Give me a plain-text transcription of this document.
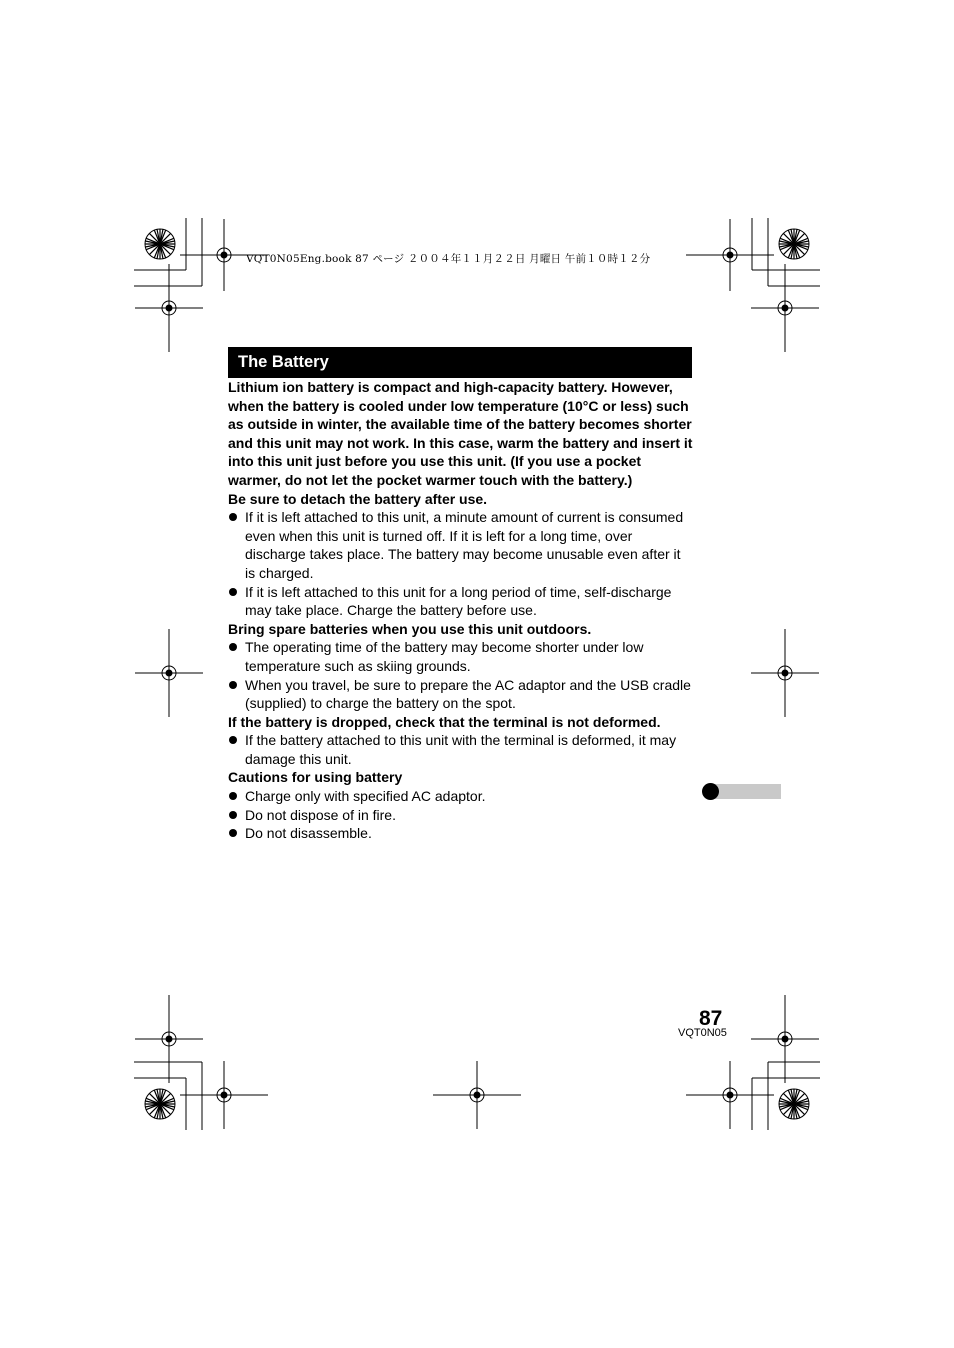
VQT0N05Eng.book 87 ページ ２００４年１１月２２日 月曜日 午前１０時１２分
The Battery

Lithium ion battery is compact and high-capacity battery. However, when the battery is cooled under low temperature (10°C or less) such as outside in winter, the available time of the battery becomes shorter and this unit may not work. In this case, warm the battery and insert it into this unit just before you use this unit. (If you use a pocket warmer, do not let the pocket warmer touch with the battery.)

Be sure to detach the battery after use.

If it is left attached to this unit, a minute amount of current is consumed even when this unit is turned off. If it is left for a long time, over discharge takes place. The battery may become unusable even after it is charged.
If it is left attached to this unit for a long period of time, self-discharge may take place. Charge the battery before use.

Bring spare batteries when you use this unit outdoors.

The operating time of the battery may become shorter under low temperature such as skiing grounds.
When you travel, be sure to prepare the AC adaptor and the USB cradle (supplied) to charge the battery on the spot.

If the battery is dropped, check that the terminal is not deformed.

If the battery attached to this unit with the terminal is deformed, it may damage this unit.

Cautions for using battery

Charge only with specified AC adaptor.
Do not dispose of in fire.
Do not disassemble.
87
VQT0N05
